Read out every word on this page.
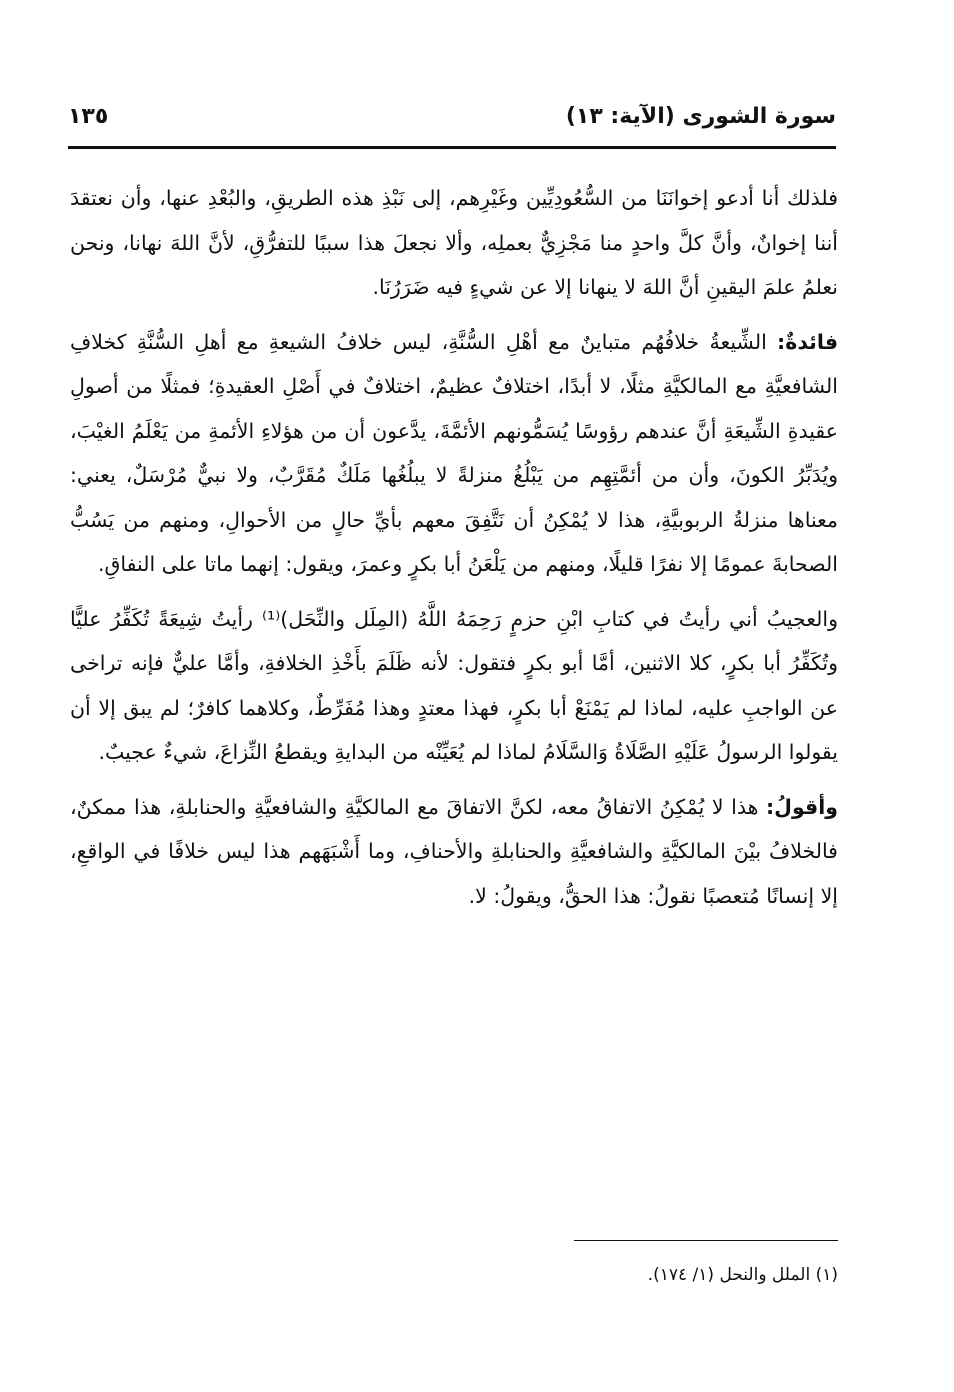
سورة الشورى (الآية: ١٣)
١٣٥

فلذلك أنا أدعو إخوانَنَا من السُّعُودِيِّين وغَيْرِهم، إلى نَبْذِ هذه الطريقِ، والبُعْدِ عنها، وأن نعتقدَ أننا إخوانٌ، وأنَّ كلَّ واحدٍ منا مَجْزِيٌّ بعملِه، وألا نجعلَ هذا سببًا للتفرُّقِ، لأنَّ اللهَ نهانا، ونحن نعلمُ علمَ اليقينِ أنَّ اللهَ لا ينهانا إلا عن شيءٍ فيه ضَرَرُنَا.

فائدةٌ: الشِّيعةُ خلافُهُم متباينٌ مع أهْلِ السُّنَّةِ، ليس خلافُ الشيعةِ مع أهلِ السُّنَّةِ كخلافِ الشافعيَّةِ مع المالكيَّةِ مثلًا، لا أبدًا، اختلافٌ عظيمٌ، اختلافٌ في أَصْلِ العقيدةِ؛ فمثلًا من أصولِ عقيدةِ الشِّيعَةِ أنَّ عندهم رؤوسًا يُسَمُّونهم الأئمَّةَ، يدَّعون أن من هؤلاءِ الأئمةِ من يَعْلَمُ الغيْبَ، ويُدَبِّرُ الكونَ، وأن من أئمَّتِهِم من يَبْلُغُ منزلةً لا يبلُغُها مَلَكٌ مُقَرَّبٌ، ولا نبيٌّ مُرْسَلٌ، يعني: معناها منزلةُ الربوبيَّةِ، هذا لا يُمْكِنُ أن نَتَّفِقَ معهم بأيِّ حالٍ من الأحوالِ، ومنهم من يَسُبُّ الصحابةَ عمومًا إلا نفرًا قليلًا، ومنهم من يَلْعَنُ أبا بكرٍ وعمرَ، ويقول: إنهما ماتا على النفاقِ.

والعجيبُ أني رأيتُ في كتابِ ابْنِ حزمٍ رَحِمَهُ اللَّهُ (المِلَل والنِّحَل)⁽¹⁾ رأيتُ شِيعَةً تُكَفِّرُ عليًّا وتُكَفِّرُ أبا بكرٍ، كلا الاثنين، أمَّا أبو بكرٍ فتقول: لأنه ظَلَمَ بأَخْذِ الخلافةِ، وأمَّا عليٌّ فإنه تراخى عن الواجبِ عليه، لماذا لم يَمْنَعْ أبا بكرٍ، فهذا معتدٍ وهذا مُفَرِّطٌ، وكلاهما كافرٌ؛ لم يبق إلا أن يقولوا الرسولُ عَلَيْهِ الصَّلَاةُ وَالسَّلَامُ لماذا لم يُعَيِّنْه من البدايةِ ويقطعُ النِّزاعَ، شيءٌ عجيبٌ.

وأقولُ: هذا لا يُمْكِنُ الاتفاقُ معه، لكنَّ الاتفاقَ مع المالكيَّةِ والشافعيَّةِ والحنابلةِ، هذا ممكنٌ، فالخلافُ بيْنَ المالكيَّةِ والشافعيَّةِ والحنابلةِ والأحنافِ، وما أَشْبَهَهم هذا ليس خلافًا في الواقعِ، إلا إنسانًا مُتعصبًا نقولُ: هذا الحقُّ، ويقولُ: لا.

(١) الملل والنحل (١/ ١٧٤).
